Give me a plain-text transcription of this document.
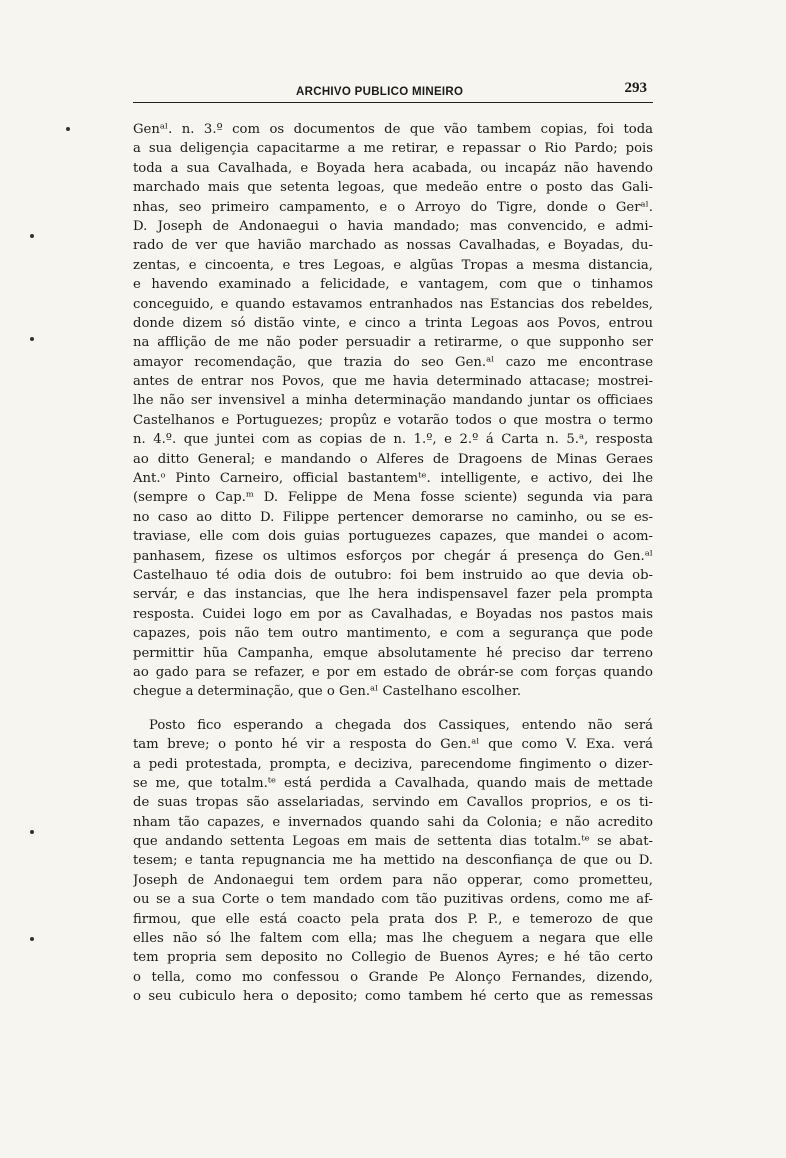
ARCHIVO PUBLICO MINEIRO	293
Genᵃˡ. n. 3.º com os documentos de que vão tambem copias, foi toda
a sua deligençia capacitarme a me retirar, e repassar o Rio Pardo; pois
toda a sua Cavalhada, e Boyada hera acabada, ou incapáz não havendo
marchado mais que setenta legoas, que medeão entre o posto das Gali-
nhas, seo primeiro campamento, e o Arroyo do Tigre, donde o Gerᵃˡ.
D. Joseph de Andonaegui o havia mandado; mas convencido, e admi-
rado de ver que havião marchado as nossas Cavalhadas, e Boyadas, du-
zentas, e cincoenta, e tres Legoas, e algũas Tropas a mesma distancia,
e havendo examinado a felicidade, e vantagem, com que o tinhamos
conceguido, e quando estavamos entranhados nas Estancias dos rebeldes,
donde dizem só distão vinte, e cinco a trinta Legoas aos Povos, entrou
na afflição de me não poder persuadir a retirarme, o que supponho ser
amayor recomendação, que trazia do seo Gen.ᵃˡ cazo me encontrase
antes de entrar nos Povos, que me havia determinado attacase; mostrei-
lhe não ser invensivel a minha determinação mandando juntar os officiaes
Castelhanos e Portuguezes; propûz e votarão todos o que mostra o termo
n. 4.º. que juntei com as copias de n. 1.º, e 2.º á Carta n. 5.ᵃ, resposta
ao ditto General; e mandando o Alferes de Dragoens de Minas Geraes
Ant.ᵒ Pinto Carneiro, official bastantemᵗᵉ. intelligente, e activo, dei lhe
(sempre o Cap.ᵐ D. Felippe de Mena fosse sciente) segunda via para
no caso ao ditto D. Filippe pertencer demorarse no caminho, ou se es-
traviase, elle com dois guias portuguezes capazes, que mandei o acom-
panhasem, fizese os ultimos esforços por chegár á presença do Gen.ᵃˡ
Castelhauo té odia dois de outubro: foi bem instruido ao que devia ob-
servár, e das instancias, que lhe hera indispensavel fazer pela prompta
resposta. Cuidei logo em por as Cavalhadas, e Boyadas nos pastos mais
capazes, pois não tem outro mantimento, e com a segurança que pode
permittir hũa Campanha, emque absolutamente hé preciso dar terreno
ao gado para se refazer, e por em estado de obrár-se com forças quando
chegue a determinação, que o Gen.ᵃˡ Castelhano escolher.
Posto fico esperando a chegada dos Cassiques, entendo não será
tam breve; o ponto hé vir a resposta do Gen.ᵃˡ que como V. Exa. verá
a pedi protestada, prompta, e deciziva, parecendome fingimento o dizer-
se me, que totalm.ᵗᵉ está perdida a Cavalhada, quando mais de mettade
de suas tropas são asselariadas, servindo em Cavallos proprios, e os ti-
nham tão capazes, e invernados quando sahi da Colonia; e não acredito
que andando settenta Legoas em mais de settenta dias totalm.ᵗᵉ se abat-
tesem; e tanta repugnancia me ha mettido na desconfiança de que ou D.
Joseph de Andonaegui tem ordem para não opperar, como prometteu,
ou se a sua Corte o tem mandado com tão puzitivas ordens, como me af-
firmou, que elle está coacto pela prata dos P. P., e temerozo de que
elles não só lhe faltem com ella; mas lhe cheguem a negara que elle
tem propria sem deposito no Collegio de Buenos Ayres; e hé tão certo
o tella, como mo confessou o Grande Pe Alonço Fernandes, dizendo,
o seu cubiculo hera o deposito; como tambem hé certo que as remessas
